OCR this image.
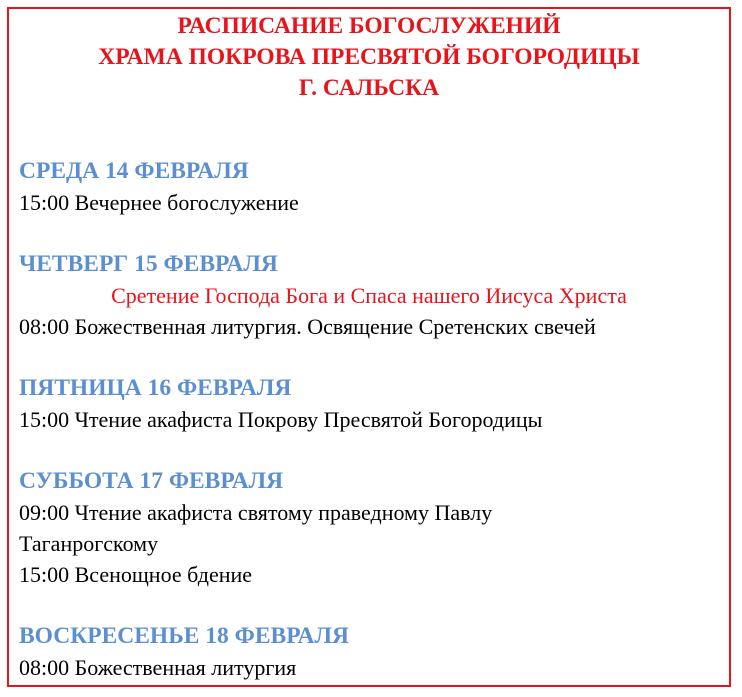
РАСПИСАНИЕ БОГОСЛУЖЕНИЙ
ХРАМА ПОКРОВА ПРЕСВЯТОЙ БОГОРОДИЦЫ
Г. САЛЬСКА
СРЕДА 14 ФЕВРАЛЯ
15:00 Вечернее богослужение
ЧЕТВЕРГ 15 ФЕВРАЛЯ
Сретение Господа Бога и Спаса нашего Иисуса Христа
08:00 Божественная литургия. Освящение Сретенских свечей
ПЯТНИЦА 16 ФЕВРАЛЯ
15:00 Чтение акафиста Покрову Пресвятой Богородицы
СУББОТА 17 ФЕВРАЛЯ
09:00 Чтение акафиста святому праведному Павлу
Таганрогскому
15:00 Всенощное бдение
ВОСКРЕСЕНЬЕ 18 ФЕВРАЛЯ
08:00 Божественная литургия
